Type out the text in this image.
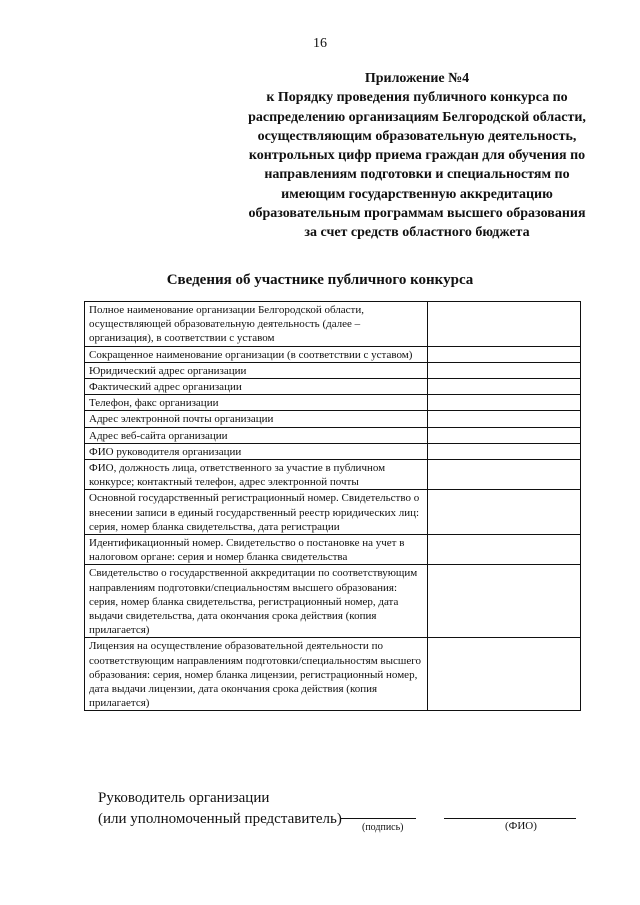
16
Приложение №4
к Порядку проведения публичного конкурса по распределению организациям Белгородской области, осуществляющим образовательную деятельность, контрольных цифр приема граждан для обучения по направлениям подготовки и специальностям по имеющим государственную аккредитацию образовательным программам высшего образования за счет средств областного бюджета
Сведения об участнике публичного конкурса
Полное наименование организации Белгородской области, осуществляющей образовательную деятельность (далее – организация), в соответствии с уставом	
Сокращенное наименование организации (в соответствии с уставом)	
Юридический адрес организации	
Фактический адрес организации	
Телефон, факс организации	
Адрес электронной почты организации	
Адрес веб-сайта организации	
ФИО руководителя организации	
ФИО, должность лица, ответственного за участие в публичном конкурсе; контактный телефон, адрес электронной почты	
Основной государственный регистрационный номер. Свидетельство о внесении записи в единый государственный реестр юридических лиц: серия, номер бланка свидетельства, дата регистрации	
Идентификационный номер. Свидетельство о постановке на учет в налоговом органе: серия и номер бланка свидетельства	
Свидетельство о государственной аккредитации по соответствующим направлениям подготовки/специальностям высшего образования: серия, номер бланка свидетельства, регистрационный номер, дата выдачи свидетельства, дата окончания срока действия (копия прилагается)	
Лицензия на осуществление образовательной деятельности по соответствующим направлениям подготовки/специальностям высшего образования: серия, номер бланка лицензии, регистрационный номер, дата выдачи лицензии, дата окончания срока действия (копия прилагается)	
Руководитель организации
(или уполномоченный представитель)
(подпись)	(ФИО)
